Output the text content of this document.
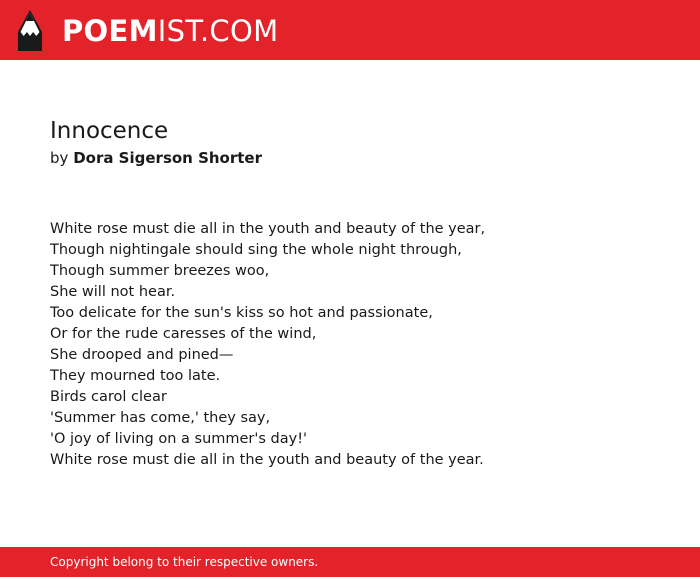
POEMIST.COM
Innocence
by Dora Sigerson Shorter
White rose must die all in the youth and beauty of the year,
Though nightingale should sing the whole night through,
Though summer breezes woo,
She will not hear.
Too delicate for the sun's kiss so hot and passionate,
Or for the rude caresses of the wind,
She drooped and pined—
They mourned too late.
Birds carol clear
'Summer has come,' they say,
'O joy of living on a summer's day!'
White rose must die all in the youth and beauty of the year.
Copyright belong to their respective owners.
